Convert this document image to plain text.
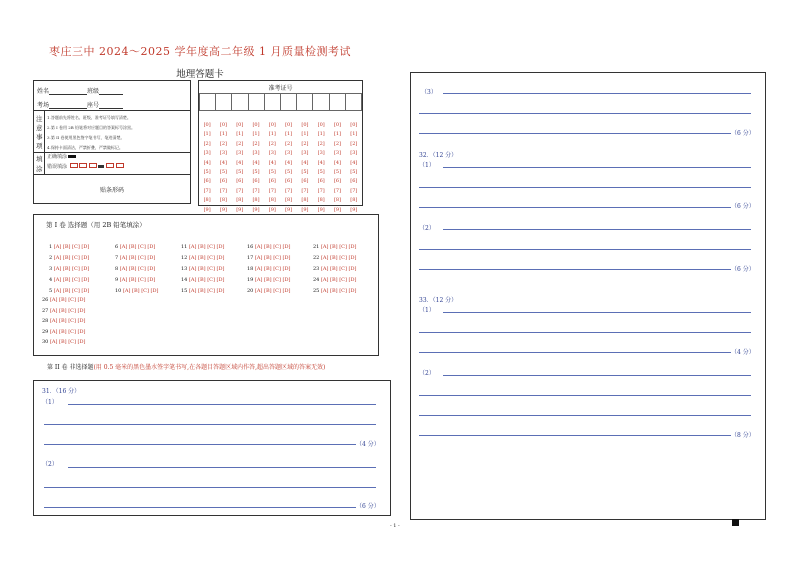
枣庄三中 2024～2025 学年度高二年级 1 月质量检测考试
地理答题卡
姓名	班级
考场	座号
注
意
事
项
1.答题前先将姓名、班级、准考证号填写清楚。
2.第 I 卷用 2B 铅笔将对应题目的答案标号涂黑。
3.第 II 卷使用黑色签字笔书写，笔迹清楚。
4.保持卡面清洁，严禁折叠，严禁做标记。
填
涂
正确填涂
错误填涂
贴条形码
准考证号

[0] [0] [0] [0] [0] [0] [0] [0] [0] [0]
[1] [1] [1] [1] [1] [1] [1] [1] [1] [1]
[2] [2] [2] [2] [2] [2] [2] [2] [2] [2]
[3] [3] [3] [3] [3] [3] [3] [3] [3] [3]
[4] [4] [4] [4] [4] [4] [4] [4] [4] [4]
[5] [5] [5] [5] [5] [5] [5] [5] [5] [5]
[6] [6] [6] [6] [6] [6] [6] [6] [6] [6]
[7] [7] [7] [7] [7] [7] [7] [7] [7] [7]
[8] [8] [8] [8] [8] [8] [8] [8] [8] [8]
[9] [9] [9] [9] [9] [9] [9] [9] [9] [9]
第 I 卷 选择题（用 2B 铅笔填涂）
1 [A] [B] [C] [D]	6 [A] [B] [C] [D]	11 [A] [B] [C] [D]	16 [A] [B] [C] [D]	21 [A] [B] [C] [D]
2 [A] [B] [C] [D]	7 [A] [B] [C] [D]	12 [A] [B] [C] [D]	17 [A] [B] [C] [D]	22 [A] [B] [C] [D]
3 [A] [B] [C] [D]	8 [A] [B] [C] [D]	13 [A] [B] [C] [D]	18 [A] [B] [C] [D]	23 [A] [B] [C] [D]
4 [A] [B] [C] [D]	9 [A] [B] [C] [D]	14 [A] [B] [C] [D]	19 [A] [B] [C] [D]	24 [A] [B] [C] [D]
5 [A] [B] [C] [D]	10 [A] [B] [C] [D]	15 [A] [B] [C] [D]	20 [A] [B] [C] [D]	25 [A] [B] [C] [D]
26 [A] [B] [C] [D]
27 [A] [B] [C] [D]
28 [A] [B] [C] [D]
29 [A] [B] [C] [D]
30 [A] [B] [C] [D]
第 II 卷 非选择题(用 0.5 毫米的黑色墨水签字笔书写,在各题目答题区域内作答,超出答题区域的答案无效)
31．（16 分）
（1）
（4 分）
（2）
（6 分）
（3）
（6 分）
32．（12 分）
（1）
（6 分）
（2）
（6 分）
33．（12 分）
（1）
（4 分）
（2）
（8 分）
- 1 -
